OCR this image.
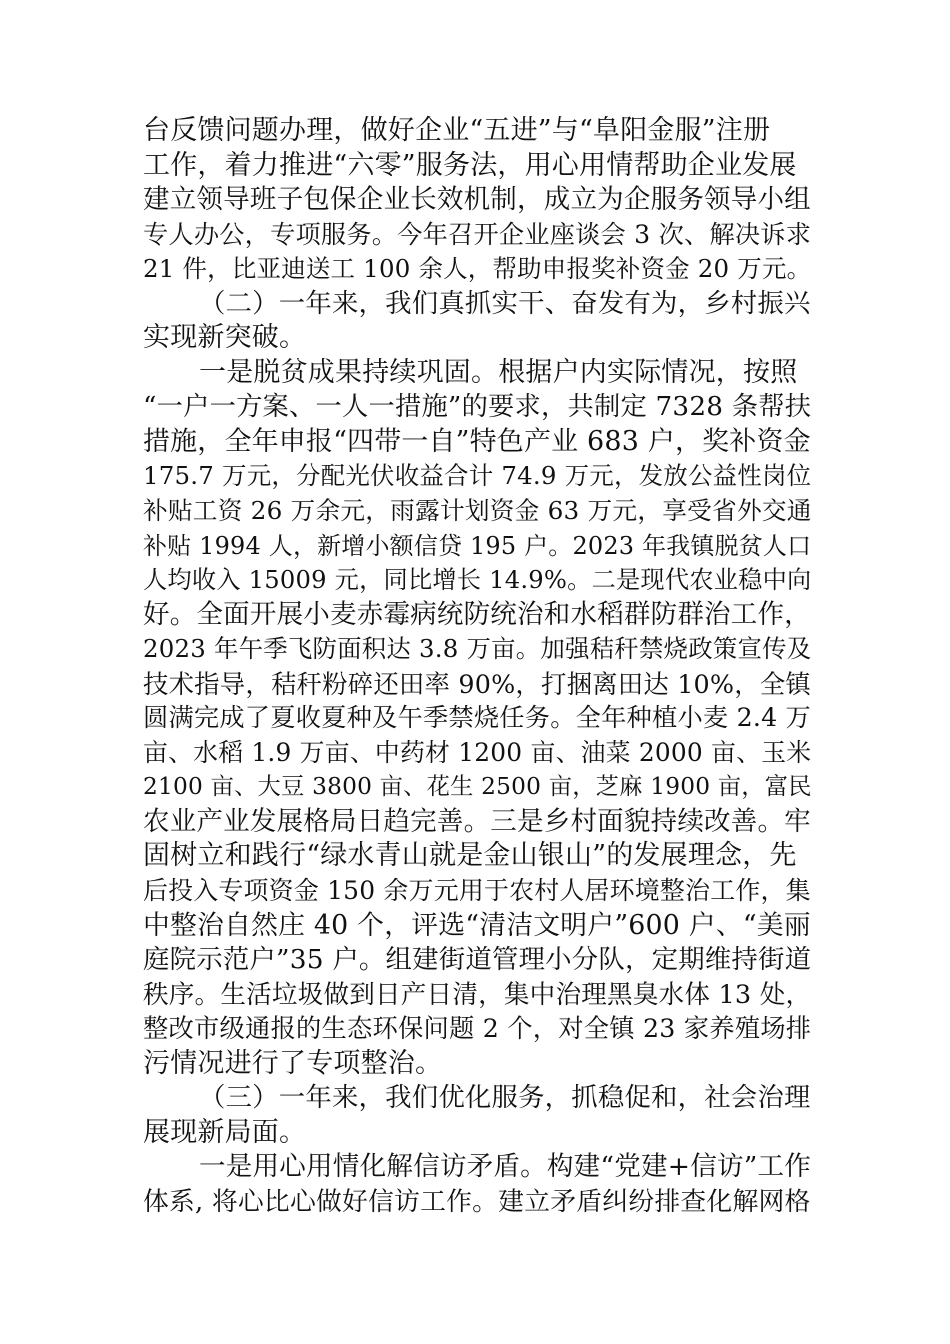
台反馈问题办理，做好企业“五进”与“阜阳金服”注册
工作，着力推进“六零”服务法，用心用情帮助企业发展
建立领导班子包保企业长效机制，成立为企服务领导小组
专人办公，专项服务。今年召开企业座谈会 3 次、解决诉求
21 件，比亚迪送工 100 余人，帮助申报奖补资金 20 万元。
（二）一年来，我们真抓实干、奋发有为，乡村振兴
实现新突破。
一是脱贫成果持续巩固。根据户内实际情况，按照
“一户一方案、一人一措施”的要求，共制定 7328 条帮扶
措施，全年申报“四带一自”特色产业 683 户，奖补资金
175.7 万元，分配光伏收益合计 74.9 万元，发放公益性岗位
补贴工资 26 万余元，雨露计划资金 63 万元，享受省外交通
补贴 1994 人，新增小额信贷 195 户。2023 年我镇脱贫人口
人均收入 15009 元，同比增长 14.9%。二是现代农业稳中向
好。全面开展小麦赤霉病统防统治和水稻群防群治工作，
2023 年午季飞防面积达 3.8 万亩。加强秸秆禁烧政策宣传及
技术指导，秸秆粉碎还田率 90%，打捆离田达 10%，全镇
圆满完成了夏收夏种及午季禁烧任务。全年种植小麦 2.4 万
亩、水稻 1.9 万亩、中药材 1200 亩、油菜 2000 亩、玉米
2100 亩、大豆 3800 亩、花生 2500 亩，芝麻 1900 亩，富民
农业产业发展格局日趋完善。三是乡村面貌持续改善。牢
固树立和践行“绿水青山就是金山银山”的发展理念，先
后投入专项资金 150 余万元用于农村人居环境整治工作，集
中整治自然庄 40 个，评选“清洁文明户”600 户、“美丽
庭院示范户”35 户。组建街道管理小分队，定期维持街道
秩序。生活垃圾做到日产日清，集中治理黑臭水体 13 处，
整改市级通报的生态环保问题 2 个，对全镇 23 家养殖场排
污情况进行了专项整治。
（三）一年来，我们优化服务，抓稳促和，社会治理
展现新局面。
一是用心用情化解信访矛盾。构建“党建+信访”工作
体系, 将心比心做好信访工作。建立矛盾纠纷排查化解网格
